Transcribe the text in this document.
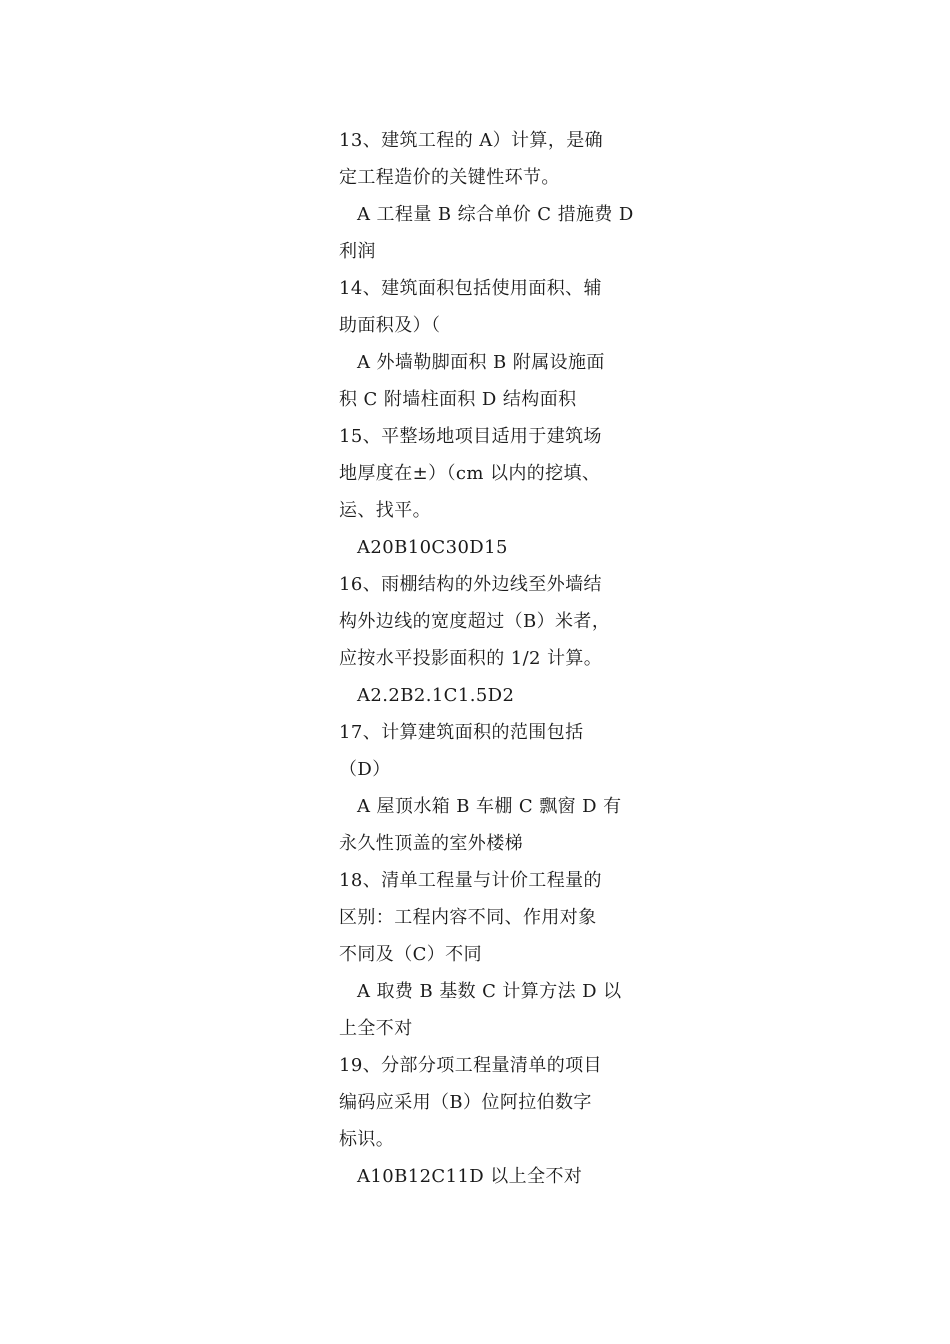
13、建筑工程的 A）计算，是确
定工程造价的关键性环节。
A 工程量 B 综合单价 C 措施费 D
利润
14、建筑面积包括使用面积、辅
助面积及）（
A 外墙勒脚面积 B 附属设施面
积 C 附墙柱面积 D 结构面积
15、平整场地项目适用于建筑场
地厚度在±）（cm 以内的挖填、
运、找平。
A20B10C30D15
16、雨棚结构的外边线至外墙结
构外边线的宽度超过（B）米者，
应按水平投影面积的 1/2 计算。
A2.2B2.1C1.5D2
17、计算建筑面积的范围包括
（D）
A 屋顶水箱 B 车棚 C 飘窗 D 有
永久性顶盖的室外楼梯
18、清单工程量与计价工程量的
区别：工程内容不同、作用对象
不同及（C）不同
A 取费 B 基数 C 计算方法 D 以
上全不对
19、分部分项工程量清单的项目
编码应采用（B）位阿拉伯数字
标识。
A10B12C11D 以上全不对
